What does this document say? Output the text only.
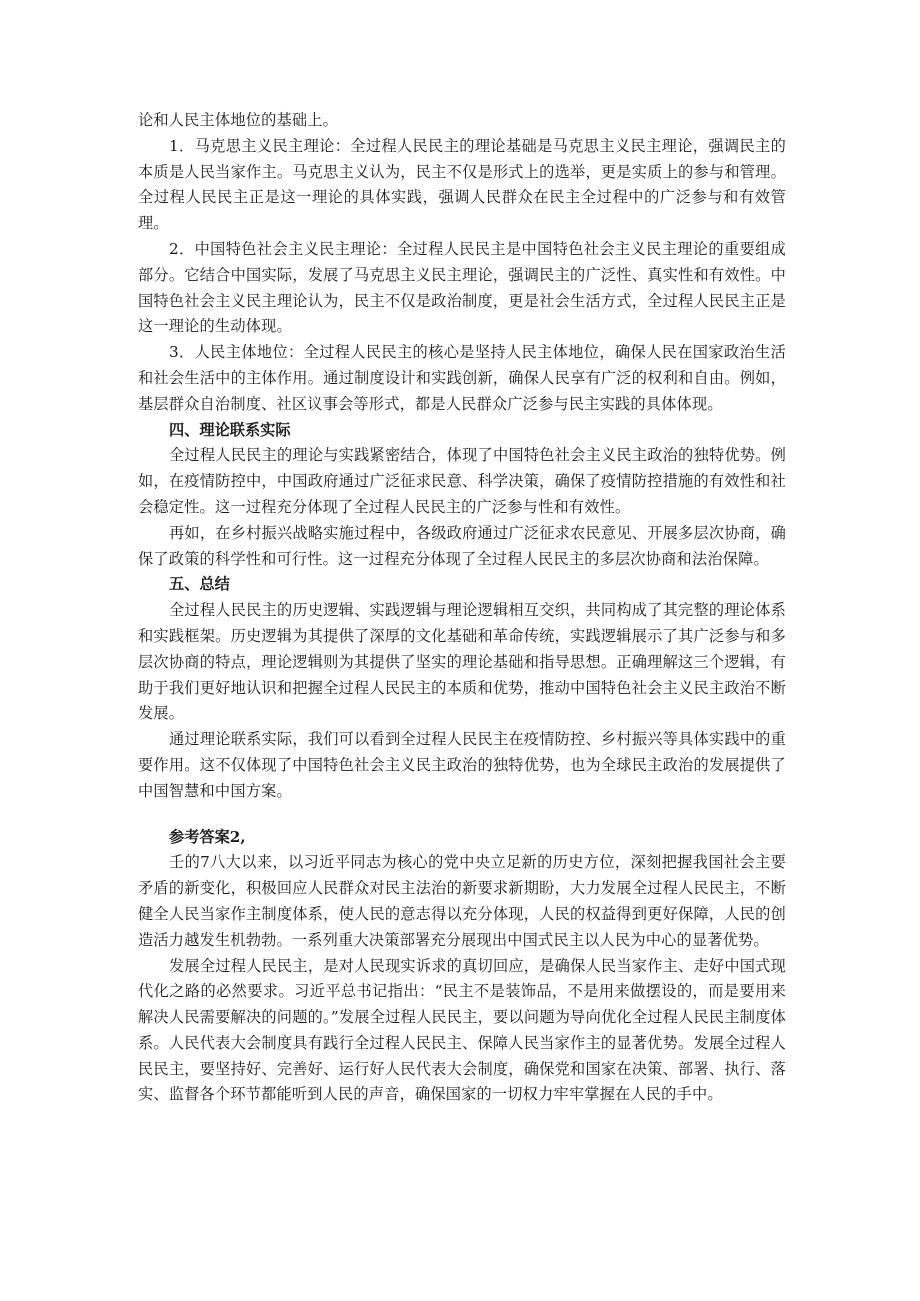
论和人民主体地位的基础上。

1．马克思主义民主理论：全过程人民民主的理论基础是马克思主义民主理论，强调民主的本质是人民当家作主。马克思主义认为，民主不仅是形式上的选举，更是实质上的参与和管理。全过程人民民主正是这一理论的具体实践，强调人民群众在民主全过程中的广泛参与和有效管理。

2．中国特色社会主义民主理论：全过程人民民主是中国特色社会主义民主理论的重要组成部分。它结合中国实际，发展了马克思主义民主理论，强调民主的广泛性、真实性和有效性。中国特色社会主义民主理论认为，民主不仅是政治制度，更是社会生活方式，全过程人民民主正是这一理论的生动体现。

3．人民主体地位：全过程人民民主的核心是坚持人民主体地位，确保人民在国家政治生活和社会生活中的主体作用。通过制度设计和实践创新，确保人民享有广泛的权利和自由。例如，基层群众自治制度、社区议事会等形式，都是人民群众广泛参与民主实践的具体体现。

四、理论联系实际

全过程人民民主的理论与实践紧密结合，体现了中国特色社会主义民主政治的独特优势。例如，在疫情防控中，中国政府通过广泛征求民意、科学决策，确保了疫情防控措施的有效性和社会稳定性。这一过程充分体现了全过程人民民主的广泛参与性和有效性。

再如，在乡村振兴战略实施过程中，各级政府通过广泛征求农民意见、开展多层次协商，确保了政策的科学性和可行性。这一过程充分体现了全过程人民民主的多层次协商和法治保障。

五、总结

全过程人民民主的历史逻辑、实践逻辑与理论逻辑相互交织，共同构成了其完整的理论体系和实践框架。历史逻辑为其提供了深厚的文化基础和革命传统，实践逻辑展示了其广泛参与和多层次协商的特点，理论逻辑则为其提供了坚实的理论基础和指导思想。正确理解这三个逻辑，有助于我们更好地认识和把握全过程人民民主的本质和优势，推动中国特色社会主义民主政治不断发展。

通过理论联系实际，我们可以看到全过程人民民主在疫情防控、乡村振兴等具体实践中的重要作用。这不仅体现了中国特色社会主义民主政治的独特优势，也为全球民主政治的发展提供了中国智慧和中国方案。

参考答案2,

壬的7八大以来，以习近平同志为核心的党中央立足新的历史方位，深刻把握我国社会主要矛盾的新变化，积极回应人民群众对民主法治的新要求新期盼，大力发展全过程人民民主，不断健全人民当家作主制度体系，使人民的意志得以充分体现，人民的权益得到更好保障，人民的创造活力越发生机勃勃。一系列重大决策部署充分展现出中国式民主以人民为中心的显著优势。

发展全过程人民民主，是对人民现实诉求的真切回应，是确保人民当家作主、走好中国式现代化之路的必然要求。习近平总书记指出：“民主不是装饰品，不是用来做摆设的，而是要用来解决人民需要解决的问题的。”发展全过程人民民主，要以问题为导向优化全过程人民民主制度体系。人民代表大会制度具有践行全过程人民民主、保障人民当家作主的显著优势。发展全过程人民民主，要坚持好、完善好、运行好人民代表大会制度，确保党和国家在决策、部署、执行、落实、监督各个环节都能听到人民的声音，确保国家的一切权力牢牢掌握在人民的手中。
